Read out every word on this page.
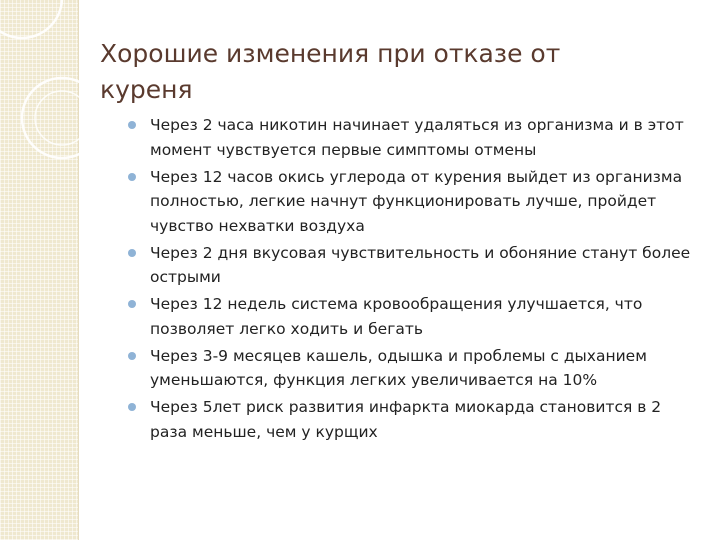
Хорошие изменения при отказе от куреня
Через 2 часа никотин начинает удаляться из организма и в этот момент чувствуется первые симптомы отмены
Через 12 часов окись углерода от курения выйдет из организма полностью, легкие начнут функционировать лучше, пройдет чувство нехватки воздуха
Через 2 дня вкусовая чувствительность и обоняние станут более острыми
Через 12 недель система кровообращения улучшается, что позволяет легко ходить и бегать
Через 3-9 месяцев кашель, одышка и проблемы с дыханием уменьшаются, функция легких увеличивается на 10%
Через 5лет риск развития инфаркта миокарда становится в 2 раза меньше, чем у курщих
